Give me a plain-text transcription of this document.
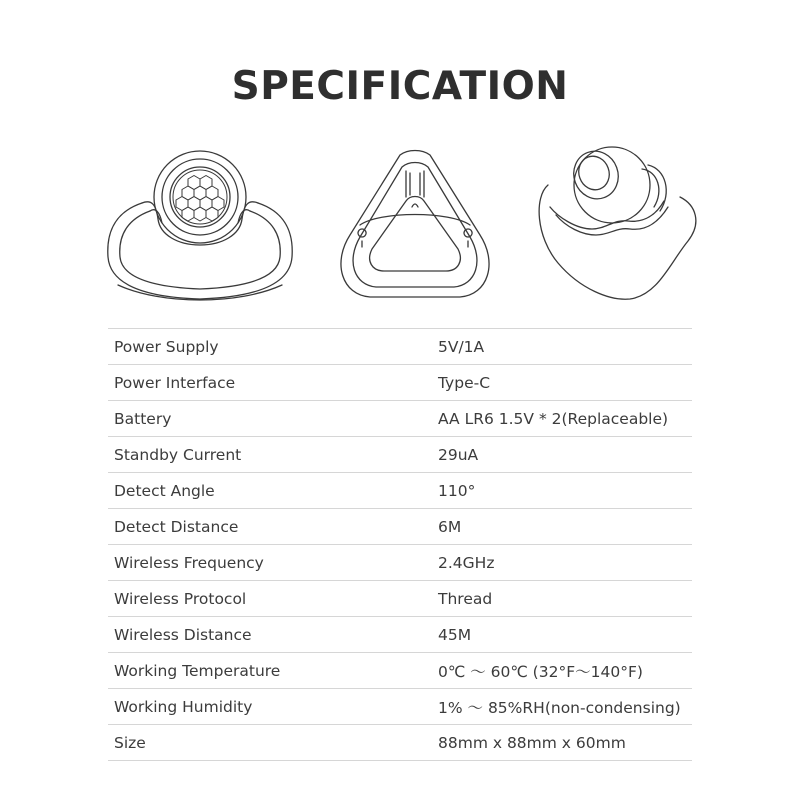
SPECIFICATION
Power Supply	5V/1A
Power Interface	Type-C
Battery	AA LR6 1.5V * 2(Replaceable)
Standby Current	29uA
Detect Angle	110°
Detect Distance	6M
Wireless Frequency	2.4GHz
Wireless Protocol	Thread
Wireless Distance	45M
Working Temperature	0℃ ～ 60℃ (32°F～140°F)
Working Humidity	1% ～ 85%RH(non-condensing)
Size	88mm x 88mm x 60mm
